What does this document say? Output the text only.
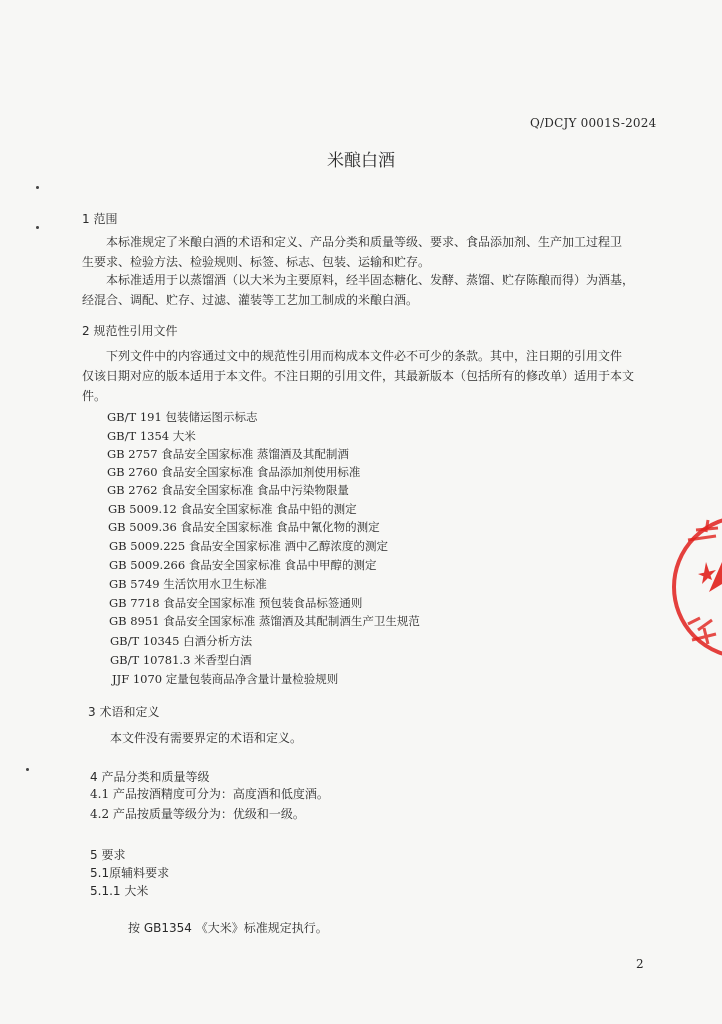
Q/DCJY 0001S-2024
米酿白酒
1 范围
本标准规定了米酿白酒的术语和定义、产品分类和质量等级、要求、食品添加剂、生产加工过程卫
生要求、检验方法、检验规则、标签、标志、包装、运输和贮存。
本标准适用于以蒸馏酒（以大米为主要原料，经半固态糖化、发酵、蒸馏、贮存陈酿而得）为酒基，
经混合、调配、贮存、过滤、灌装等工艺加工制成的米酿白酒。
2 规范性引用文件
下列文件中的内容通过文中的规范性引用而构成本文件必不可少的条款。其中，注日期的引用文件
仅该日期对应的版本适用于本文件。不注日期的引用文件，其最新版本（包括所有的修改单）适用于本文
件。
GB/T 191 包装储运图示标志
GB/T 1354 大米
GB 2757 食品安全国家标准 蒸馏酒及其配制酒
GB 2760 食品安全国家标准 食品添加剂使用标准
GB 2762 食品安全国家标准 食品中污染物限量
GB 5009.12 食品安全国家标准 食品中铅的测定
GB 5009.36 食品安全国家标准 食品中氰化物的测定
GB 5009.225 食品安全国家标准 酒中乙醇浓度的测定
GB 5009.266 食品安全国家标准 食品中甲醇的测定
GB 5749 生活饮用水卫生标准
GB 7718 食品安全国家标准 预包装食品标签通则
GB 8951 食品安全国家标准 蒸馏酒及其配制酒生产卫生规范
GB/T 10345 白酒分析方法
GB/T 10781.3 米香型白酒
JJF 1070 定量包装商品净含量计量检验规则
3 术语和定义
本文件没有需要界定的术语和定义。
4 产品分类和质量等级
4.1 产品按酒精度可分为：高度酒和低度酒。
4.2 产品按质量等级分为：优级和一级。
5 要求
5.1原辅料要求
5.1.1 大米
按 GB1354 《大米》标准规定执行。
2
